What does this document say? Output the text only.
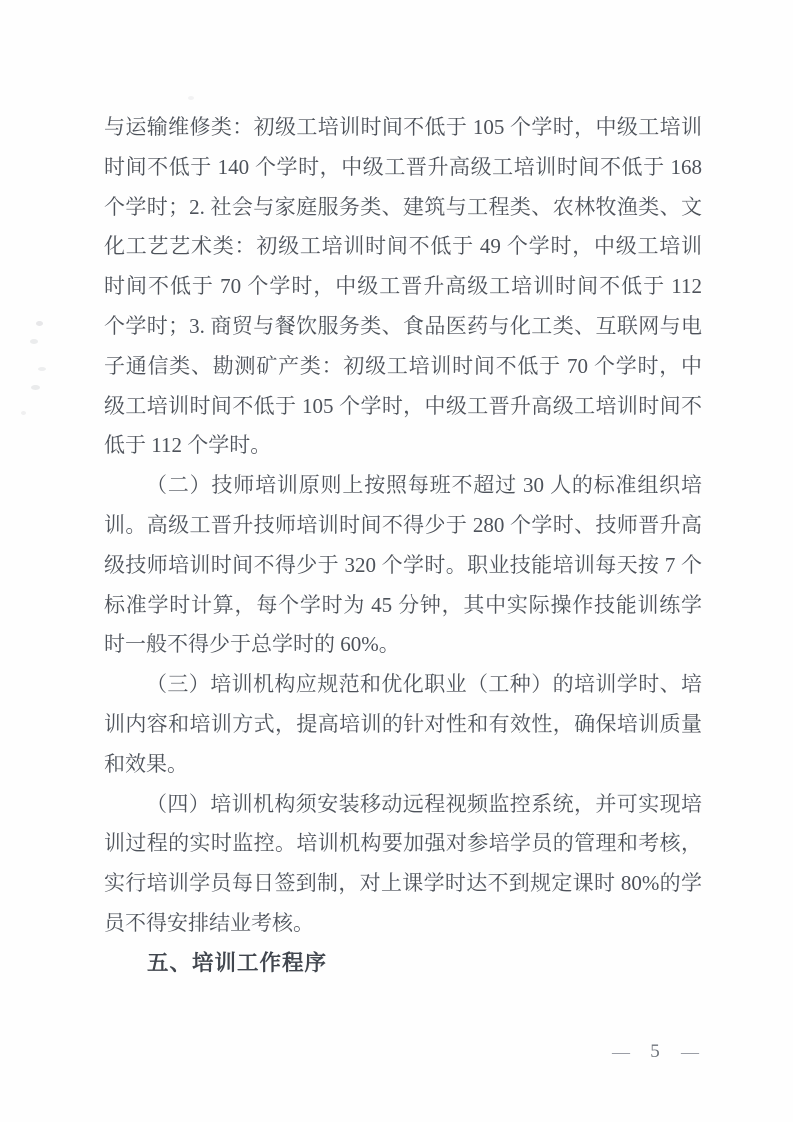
与运输维修类：初级工培训时间不低于 105 个学时，中级工培训

时间不低于 140 个学时，中级工晋升高级工培训时间不低于 168

个学时；2. 社会与家庭服务类、建筑与工程类、农林牧渔类、文

化工艺艺术类：初级工培训时间不低于 49 个学时，中级工培训

时间不低于 70 个学时，中级工晋升高级工培训时间不低于 112

个学时；3. 商贸与餐饮服务类、食品医药与化工类、互联网与电

子通信类、勘测矿产类：初级工培训时间不低于 70 个学时，中

级工培训时间不低于 105 个学时，中级工晋升高级工培训时间不

低于 112 个学时。

（二）技师培训原则上按照每班不超过 30 人的标准组织培

训。高级工晋升技师培训时间不得少于 280 个学时、技师晋升高

级技师培训时间不得少于 320 个学时。职业技能培训每天按 7 个

标准学时计算，每个学时为 45 分钟，其中实际操作技能训练学

时一般不得少于总学时的 60%。

（三）培训机构应规范和优化职业（工种）的培训学时、培

训内容和培训方式，提高培训的针对性和有效性，确保培训质量

和效果。

（四）培训机构须安装移动远程视频监控系统，并可实现培

训过程的实时监控。培训机构要加强对参培学员的管理和考核，

实行培训学员每日签到制，对上课学时达不到规定课时 80%的学

员不得安排结业考核。

五、培训工作程序
— 5 —
